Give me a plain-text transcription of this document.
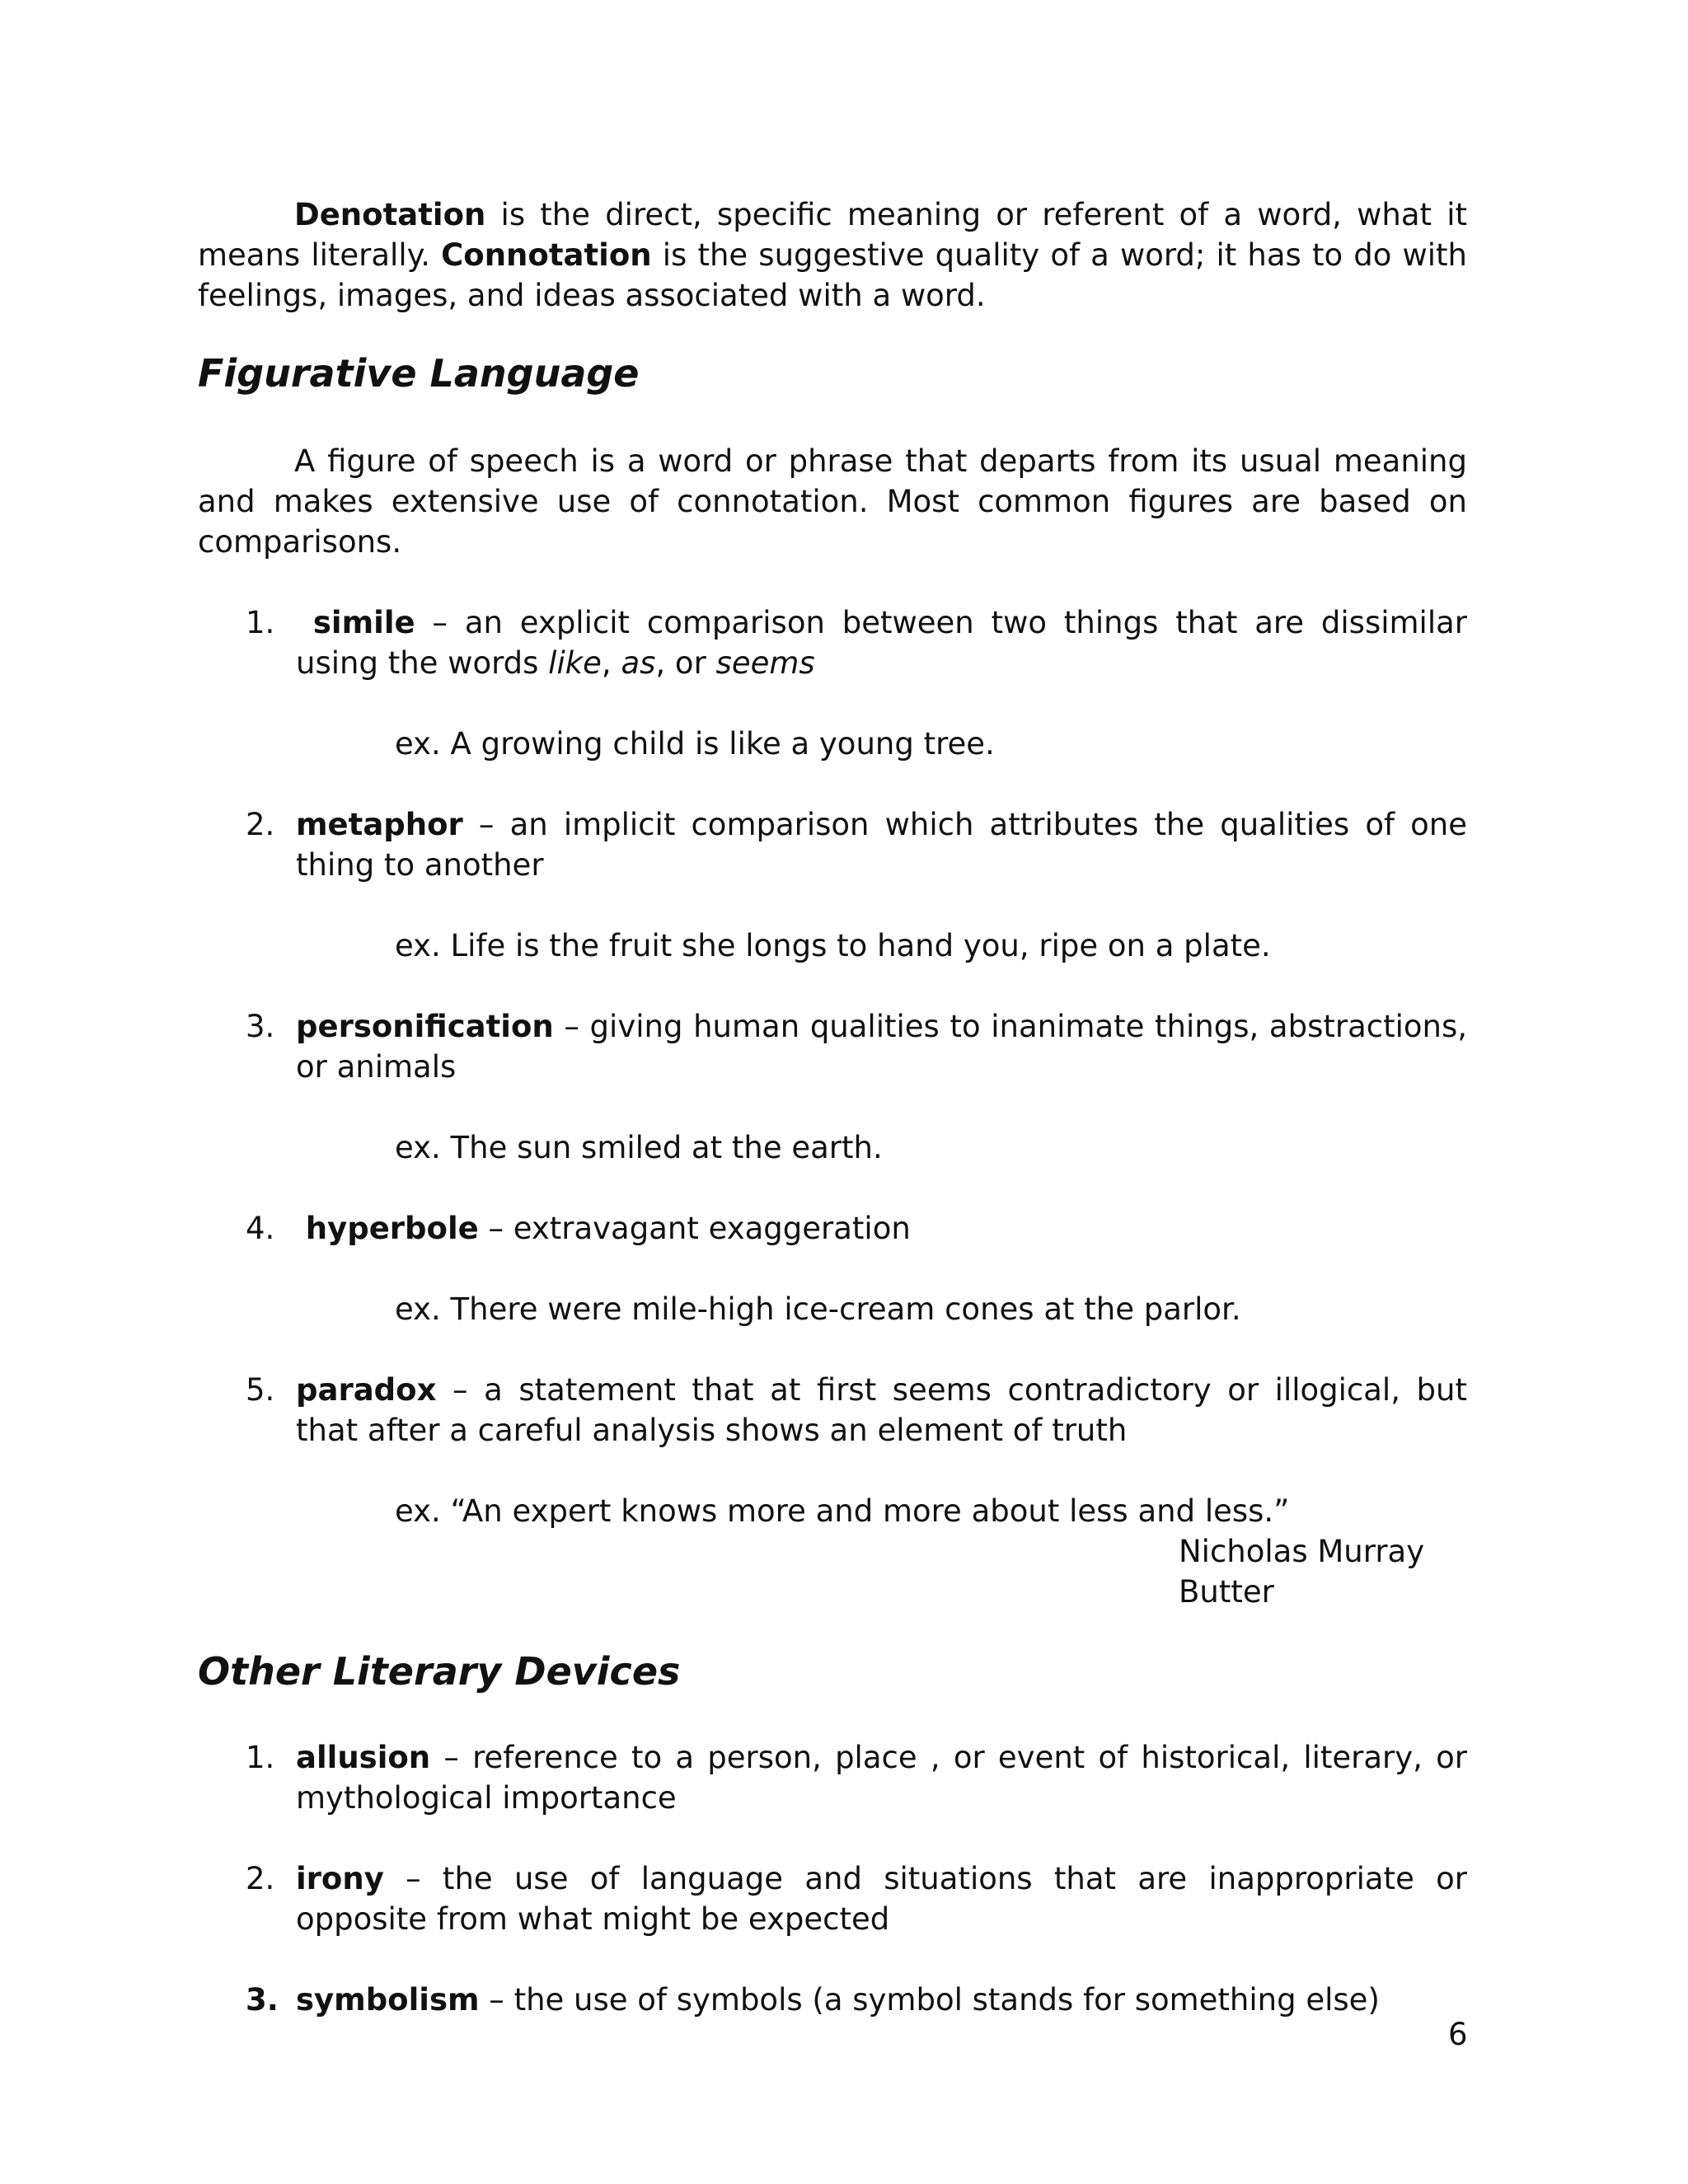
Denotation is the direct, specific meaning or referent of a word, what it means literally. Connotation is the suggestive quality of a word; it has to do with feelings, images, and ideas associated with a word.

Figurative Language

A figure of speech is a word or phrase that departs from its usual meaning and makes extensive use of connotation. Most common figures are based on comparisons.

1.	simile – an explicit comparison between two things that are dissimilar using the words like, as, or seems

ex. A growing child is like a young tree.

2. metaphor – an implicit comparison which attributes the qualities of one thing to another

ex. Life is the fruit she longs to hand you, ripe on a plate.

3. personification – giving human qualities to inanimate things, abstractions, or animals

ex. The sun smiled at the earth.

4.	hyperbole – extravagant exaggeration

ex. There were mile-high ice-cream cones at the parlor.

5. paradox – a statement that at first seems contradictory or illogical, but that after a careful analysis shows an element of truth

ex. “An expert knows more and more about less and less.”

Nicholas Murray Butter

Other Literary Devices
1. allusion – reference to a person, place , or event of historical, literary, or mythological importance

2. irony – the use of language and situations that are inappropriate or opposite from what might be expected

3. symbolism – the use of symbols (a symbol stands for something else)

6
